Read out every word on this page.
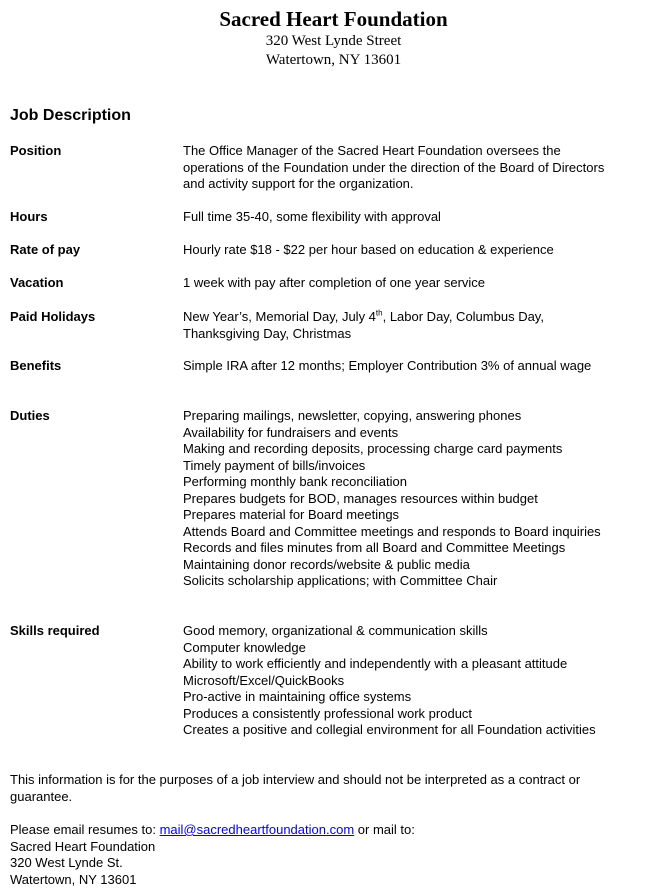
Sacred Heart Foundation
320 West Lynde Street
Watertown, NY 13601
Job Description
Position	The Office Manager of the Sacred Heart Foundation oversees the
operations of the Foundation under the direction of the Board of Directors
and activity support for the organization.
Hours	Full time 35-40, some flexibility with approval
Rate of pay	Hourly rate $18 - $22 per hour based on education & experience
Vacation	1 week with pay after completion of one year service
Paid Holidays	New Year’s, Memorial Day, July 4th, Labor Day, Columbus Day,
Thanksgiving Day, Christmas
Benefits	Simple IRA after 12 months; Employer Contribution 3% of annual wage
Duties	Preparing mailings, newsletter, copying, answering phones
Availability for fundraisers and events
Making and recording deposits, processing charge card payments
Timely payment of bills/invoices
Performing monthly bank reconciliation
Prepares budgets for BOD, manages resources within budget
Prepares material for Board meetings
Attends Board and Committee meetings and responds to Board inquiries
Records and files minutes from all Board and Committee Meetings
Maintaining donor records/website & public media
Solicits scholarship applications; with Committee Chair
Skills required	Good memory, organizational & communication skills
Computer knowledge
Ability to work efficiently and independently with a pleasant attitude
Microsoft/Excel/QuickBooks
Pro-active in maintaining office systems
Produces a consistently professional work product
Creates a positive and collegial environment for all Foundation activities
This information is for the purposes of a job interview and should not be interpreted as a contract or
guarantee.
Please email resumes to: mail@sacredheartfoundation.com or mail to:
Sacred Heart Foundation
320 West Lynde St.
Watertown, NY 13601
